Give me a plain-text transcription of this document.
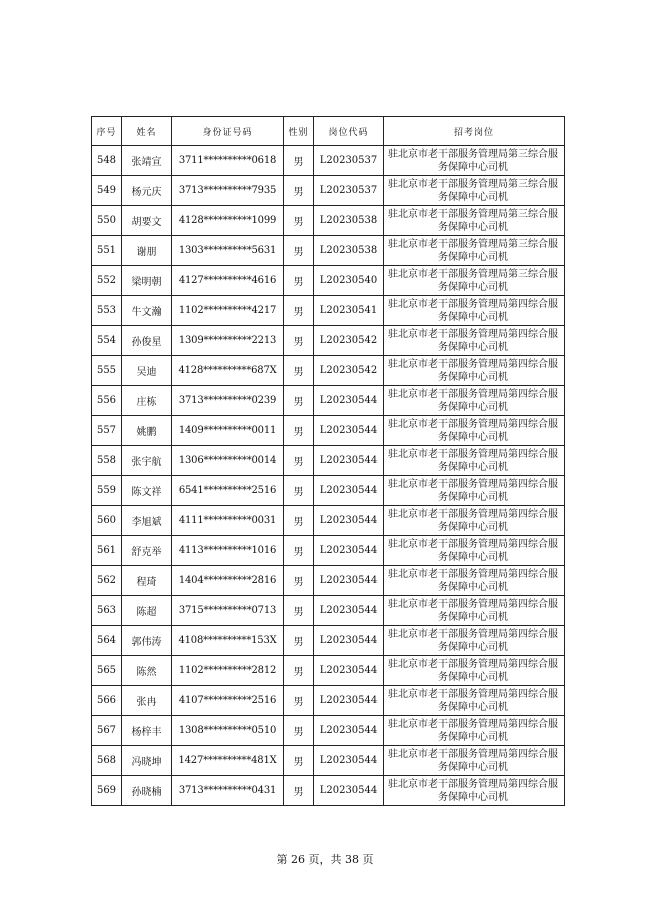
序号	姓名	身份证号码	性别	岗位代码	招考岗位
548	张靖宣	3711**********0618	男	L20230537	驻北京市老干部服务管理局第三综合服务保障中心司机

549	杨元庆	3713**********7935	男	L20230537	驻北京市老干部服务管理局第三综合服务保障中心司机

550	胡要文	4128**********1099	男	L20230538	驻北京市老干部服务管理局第三综合服务保障中心司机

551	谢朋	1303**********5631	男	L20230538	驻北京市老干部服务管理局第三综合服务保障中心司机

552	梁明朝	4127**********4616	男	L20230540	驻北京市老干部服务管理局第三综合服务保障中心司机

553	牛文瀚	1102**********4217	男	L20230541	驻北京市老干部服务管理局第四综合服务保障中心司机

554	孙俊星	1309**********2213	男	L20230542	驻北京市老干部服务管理局第四综合服务保障中心司机

555	吴迪	4128**********687X	男	L20230542	驻北京市老干部服务管理局第四综合服务保障中心司机

556	庄栋	3713**********0239	男	L20230544	驻北京市老干部服务管理局第四综合服务保障中心司机

557	姚鹏	1409**********0011	男	L20230544	驻北京市老干部服务管理局第四综合服务保障中心司机

558	张宇航	1306**********0014	男	L20230544	驻北京市老干部服务管理局第四综合服务保障中心司机

559	陈文祥	6541**********2516	男	L20230544	驻北京市老干部服务管理局第四综合服务保障中心司机

560	李旭斌	4111**********0031	男	L20230544	驻北京市老干部服务管理局第四综合服务保障中心司机

561	舒克举	4113**********1016	男	L20230544	驻北京市老干部服务管理局第四综合服务保障中心司机

562	程琦	1404**********2816	男	L20230544	驻北京市老干部服务管理局第四综合服务保障中心司机

563	陈超	3715**********0713	男	L20230544	驻北京市老干部服务管理局第四综合服务保障中心司机

564	郭伟涛	4108**********153X	男	L20230544	驻北京市老干部服务管理局第四综合服务保障中心司机

565	陈然	1102**********2812	男	L20230544	驻北京市老干部服务管理局第四综合服务保障中心司机

566	张冉	4107**********2516	男	L20230544	驻北京市老干部服务管理局第四综合服务保障中心司机

567	杨梓丰	1308**********0510	男	L20230544	驻北京市老干部服务管理局第四综合服务保障中心司机

568	冯晓坤	1427**********481X	男	L20230544	驻北京市老干部服务管理局第四综合服务保障中心司机

569	孙晓楠	3713**********0431	男	L20230544	驻北京市老干部服务管理局第四综合服务保障中心司机
第 26 页，共 38 页
